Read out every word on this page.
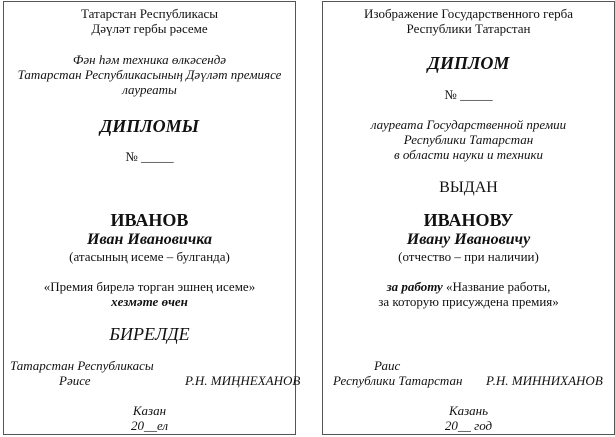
Татарстан Республикасы
Дәүләт гербы рәсеме
Фән һәм техника өлкәсендә
Татарстан Республикасының Дәүләт премиясе
лауреаты
ДИПЛОМЫ
№ _____
ИВАНОВ
Иван Ивановичка
(атасының исеме – булганда)
«Премия бирелә торган эшнең исеме»
хезмәте өчен
БИРЕЛДЕ
Татарстан Республикасы
Рәисе	Р.Н. МИҢНЕХАНОВ
Казан
20__ел
Изображение Государственного герба
Республики Татарстан
ДИПЛОМ
№ _____
лауреата Государственной премии
Республики Татарстан
в области науки и техники
ВЫДАН
ИВАНОВУ
Ивану Ивановичу
(отчество – при наличии)
за работу «Название работы,
за которую присуждена премия»
Раис
Республики Татарстан Р.Н. МИННИХАНОВ
Казань
20__ год
